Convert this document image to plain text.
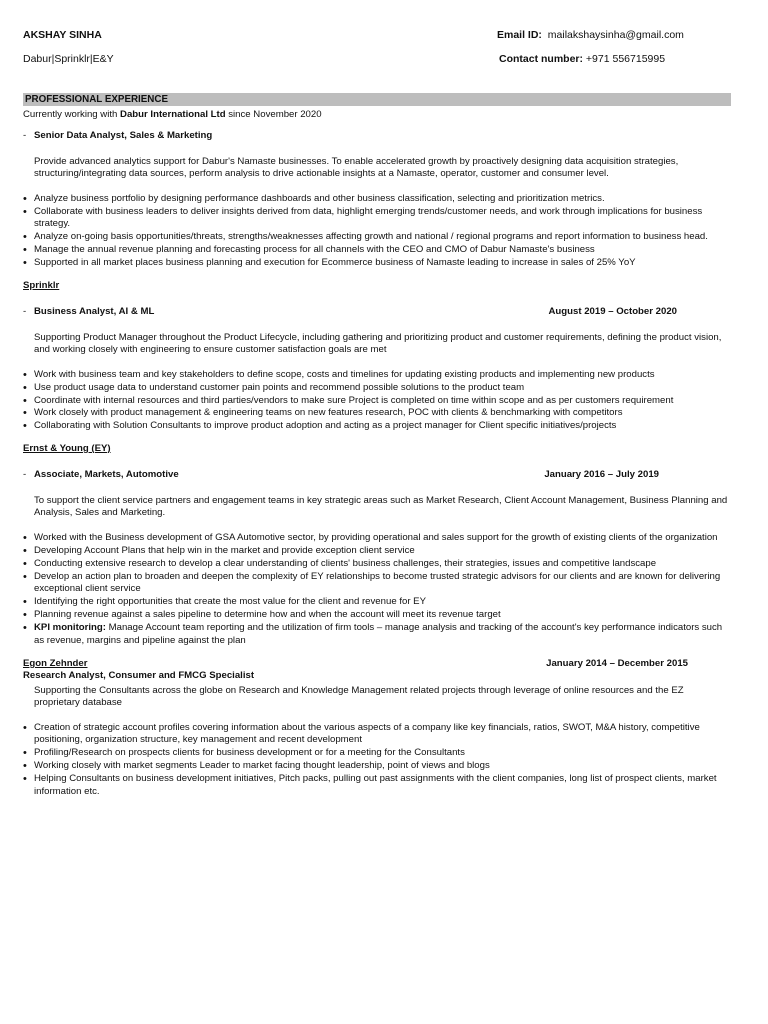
AKSHAY SINHA
Dabur|Sprinklr|E&Y
Email ID: mailakshaysinha@gmail.com
Contact number: +971 556715995
PROFESSIONAL EXPERIENCE
Currently working with Dabur International Ltd since November 2020
- Senior Data Analyst, Sales & Marketing
Provide advanced analytics support for Dabur's Namaste businesses. To enable accelerated growth by proactively designing data acquisition strategies, structuring/integrating data sources, perform analysis to drive actionable insights at a Namaste, operator, customer and consumer level.
• Analyze business portfolio by designing performance dashboards and other business classification, selecting and prioritization metrics.
• Collaborate with business leaders to deliver insights derived from data, highlight emerging trends/customer needs, and work through implications for business strategy.
• Analyze on-going basis opportunities/threats, strengths/weaknesses affecting growth and national / regional programs and report information to business head.
• Manage the annual revenue planning and forecasting process for all channels with the CEO and CMO of Dabur Namaste's business
• Supported in all market places business planning and execution for Ecommerce business of Namaste leading to increase in sales of 25% YoY
Sprinklr
- Business Analyst, AI & ML	August 2019 – October 2020
Supporting Product Manager throughout the Product Lifecycle, including gathering and prioritizing product and customer requirements, defining the product vision, and working closely with engineering to ensure customer satisfaction goals are met
• Work with business team and key stakeholders to define scope, costs and timelines for updating existing products and implementing new products
• Use product usage data to understand customer pain points and recommend possible solutions to the product team
• Coordinate with internal resources and third parties/vendors to make sure Project is completed on time within scope and as per customers requirement
• Work closely with product management & engineering teams on new features research, POC with clients & benchmarking with competitors
• Collaborating with Solution Consultants to improve product adoption and acting as a project manager for Client specific initiatives/projects
Ernst & Young (EY)
- Associate, Markets, Automotive	January 2016 – July 2019
To support the client service partners and engagement teams in key strategic areas such as Market Research, Client Account Management, Business Planning and Analysis, Sales and Marketing.
• Worked with the Business development of GSA Automotive sector, by providing operational and sales support for the growth of existing clients of the organization
• Developing Account Plans that help win in the market and provide exception client service
• Conducting extensive research to develop a clear understanding of clients' business challenges, their strategies, issues and competitive landscape
• Develop an action plan to broaden and deepen the complexity of EY relationships to become trusted strategic advisors for our clients and are known for delivering exceptional client service
• Identifying the right opportunities that create the most value for the client and revenue for EY
• Planning revenue against a sales pipeline to determine how and when the account will meet its revenue target
• KPI monitoring: Manage Account team reporting and the utilization of firm tools – manage analysis and tracking of the account's key performance indicators such as revenue, margins and pipeline against the plan
Egon Zehnder	January 2014 – December 2015
Research Analyst, Consumer and FMCG Specialist
Supporting the Consultants across the globe on Research and Knowledge Management related projects through leverage of online resources and the EZ proprietary database
• Creation of strategic account profiles covering information about the various aspects of a company like key financials, ratios, SWOT, M&A history, competitive positioning, organization structure, key management and recent development
• Profiling/Research on prospects clients for business development or for a meeting for the Consultants
• Working closely with market segments Leader to market facing thought leadership, point of views and blogs
• Helping Consultants on business development initiatives, Pitch packs, pulling out past assignments with the client companies, long list of prospect clients, market information etc.
